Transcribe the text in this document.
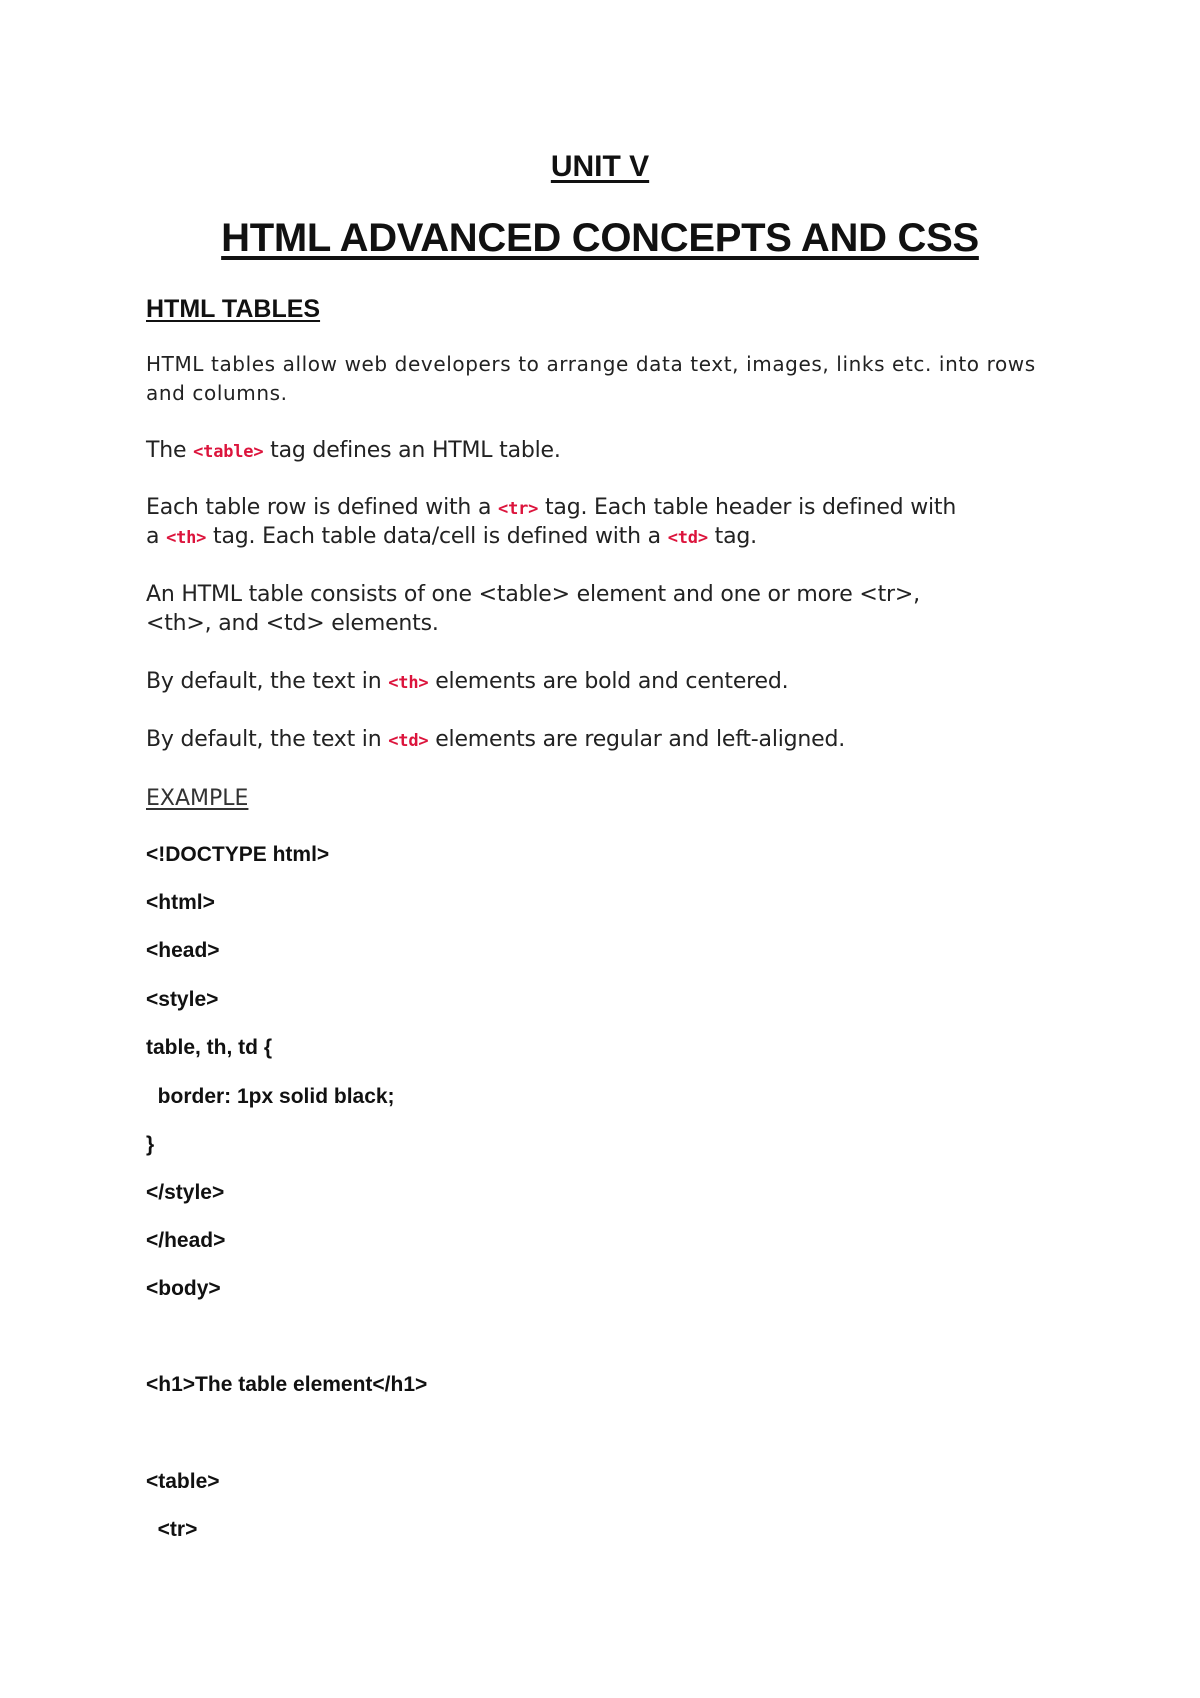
UNIT V
HTML ADVANCED CONCEPTS AND CSS
HTML TABLES
HTML tables allow web developers to arrange data text, images, links etc. into rows and columns.
The <table> tag defines an HTML table.
Each table row is defined with a <tr> tag. Each table header is defined with
a <th> tag. Each table data/cell is defined with a <td> tag.
An HTML table consists of one <table> element and one or more <tr>,
<th>, and <td> elements.
By default, the text in <th> elements are bold and centered.
By default, the text in <td> elements are regular and left-aligned.
EXAMPLE
<!DOCTYPE html>
<html>
<head>
<style>
table, th, td {
border: 1px solid black;
}
</style>
</head>
<body>
<h1>The table element</h1>
<table>
<tr>
